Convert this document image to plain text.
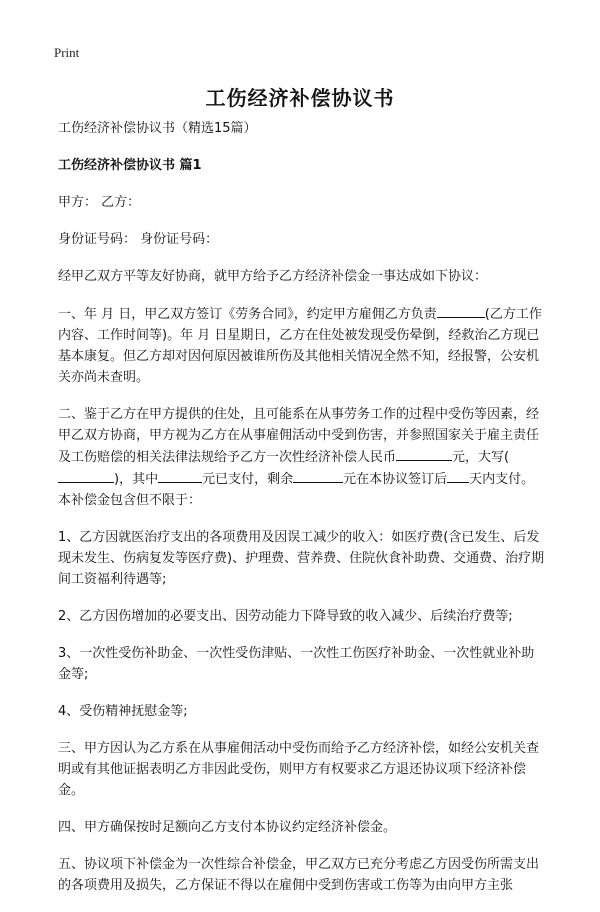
Print
工伤经济补偿协议书

工伤经济补偿协议书（精选15篇）

工伤经济补偿协议书 篇1

甲方： 乙方：

身份证号码： 身份证号码：

经甲乙双方平等友好协商，就甲方给予乙方经济补偿金一事达成如下协议：

一、年 月 日，甲乙双方签订《劳务合同》，约定甲方雇佣乙方负责	(乙方工作内容、工作时间等)。年 月 日星期日，乙方在住处被发现受伤晕倒，经救治乙方现已基本康复。但乙方却对因何原因被谁所伤及其他相关情况全然不知，经报警，公安机关亦尚未查明。

二、鉴于乙方在甲方提供的住处，且可能系在从事劳务工作的过程中受伤等因素，经甲乙双方协商，甲方视为乙方在从事雇佣活动中受到伤害，并参照国家关于雇主责任及工伤赔偿的相关法律法规给予乙方一次性经济补偿人民币	元，大写()，其中	元已支付，剩余	元在本协议签订后 天内支付。本补偿金包含但不限于：

1、乙方因就医治疗支出的各项费用及因误工减少的收入：如医疗费(含已发生、后发现未发生、伤病复发等医疗费)、护理费、营养费、住院伙食补助费、交通费、治疗期间工资福利待遇等;

2、乙方因伤增加的必要支出、因劳动能力下降导致的收入减少、后续治疗费等;

3、一次性受伤补助金、一次性受伤津贴、一次性工伤医疗补助金、一次性就业补助金等;

4、受伤精神抚慰金等;

三、甲方因认为乙方系在从事雇佣活动中受伤而给予乙方经济补偿，如经公安机关查明或有其他证据表明乙方非因此受伤，则甲方有权要求乙方退还协议项下经济补偿金。

四、甲方确保按时足额向乙方支付本协议约定经济补偿金。

五、协议项下补偿金为一次性综合补偿金，甲乙双方已充分考虑乙方因受伤所需支出的各项费用及损失，乙方保证不得以在雇佣中受到伤害或工伤等为由向甲方主张
